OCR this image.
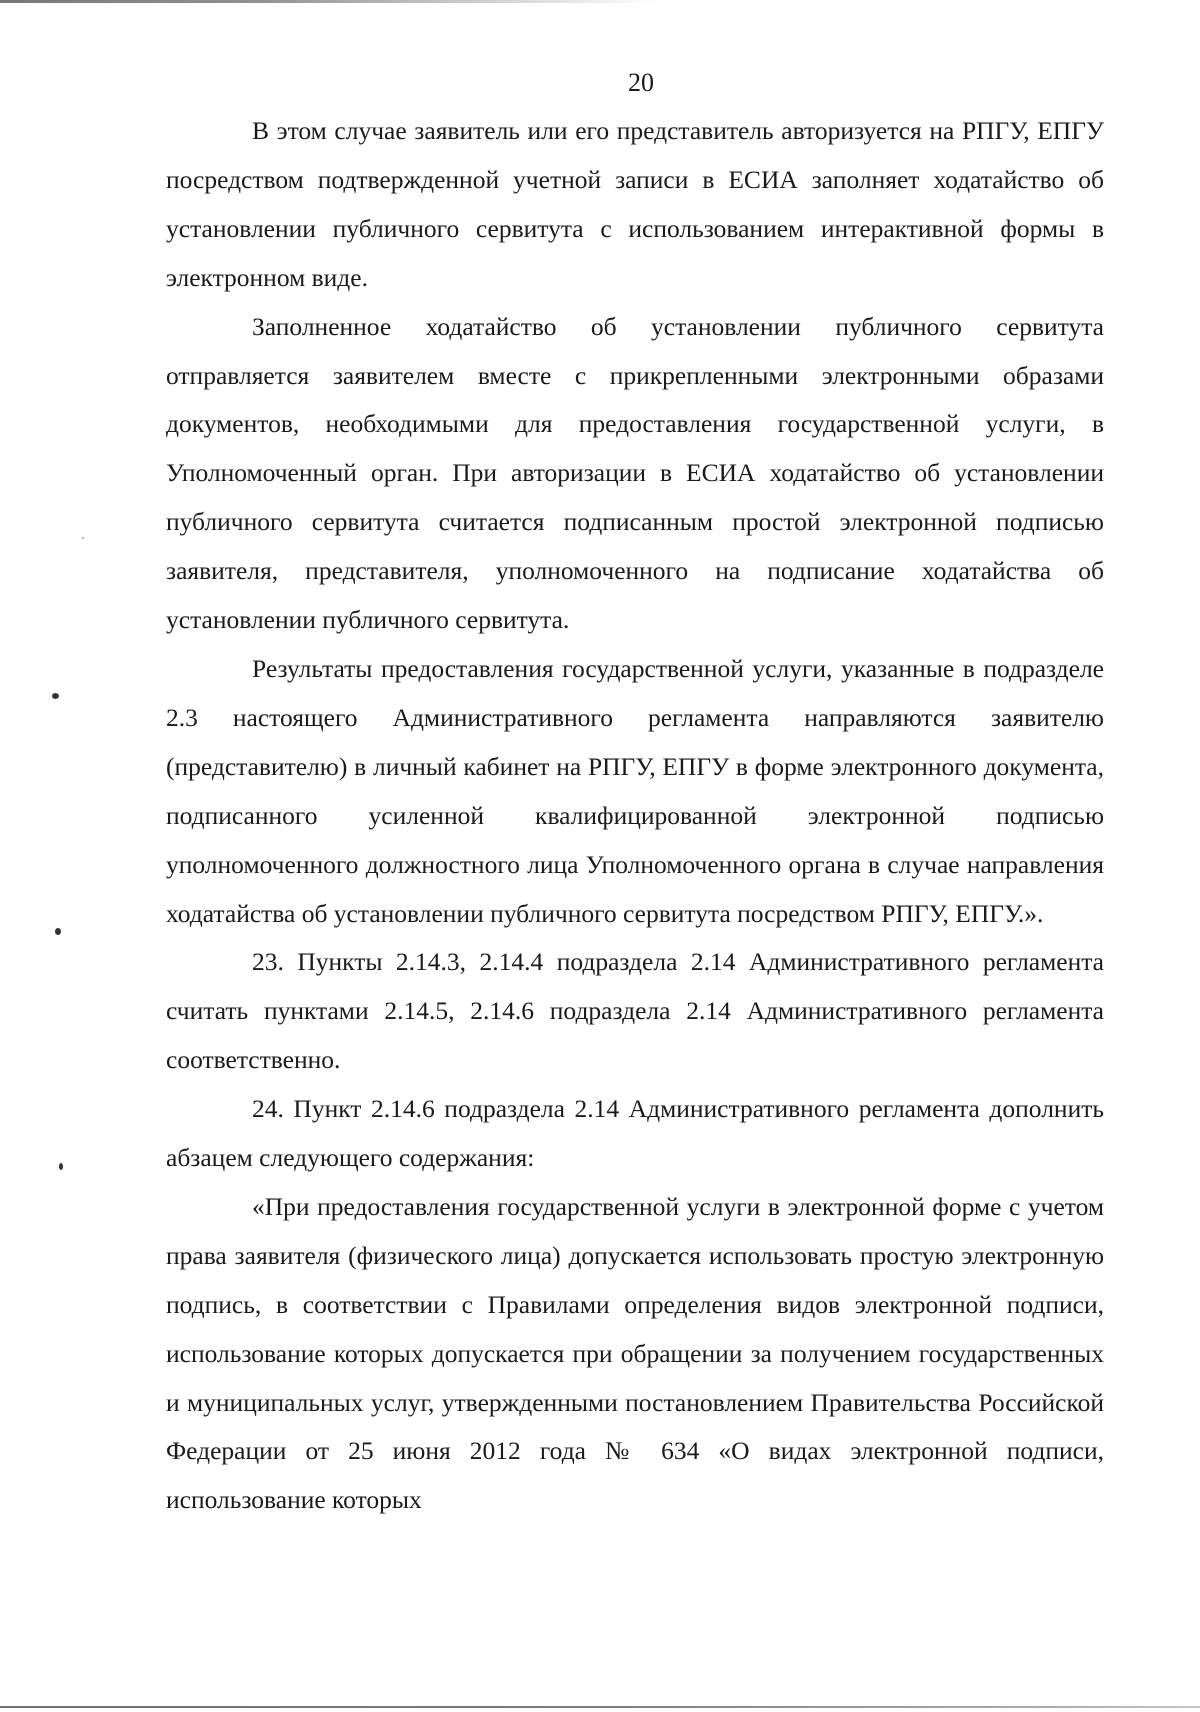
20

В этом случае заявитель или его представитель авторизуется на РПГУ, ЕПГУ посредством подтвержденной учетной записи в ЕСИА заполняет ходатайство об установлении публичного сервитута с использованием интерактивной формы в электронном виде.

Заполненное ходатайство об установлении публичного сервитута отправляется заявителем вместе с прикрепленными электронными образами документов, необходимыми для предоставления государственной услуги, в Уполномоченный орган. При авторизации в ЕСИА ходатайство об установлении публичного сервитута считается подписанным простой электронной подписью заявителя, представителя, уполномоченного на подписание ходатайства об установлении публичного сервитута.

Результаты предоставления государственной услуги, указанные в подразделе 2.3 настоящего Административного регламента направляются заявителю (представителю) в личный кабинет на РПГУ, ЕПГУ в форме электронного документа, подписанного усиленной квалифицированной электронной подписью уполномоченного должностного лица Уполномоченного органа в случае направления ходатайства об установлении публичного сервитута посредством РПГУ, ЕПГУ.».

23. Пункты 2.14.3, 2.14.4 подраздела 2.14 Административного регламента считать пунктами 2.14.5, 2.14.6 подраздела 2.14 Административного регламента соответственно.

24. Пункт 2.14.6 подраздела 2.14 Административного регламента дополнить абзацем следующего содержания:

«При предоставления государственной услуги в электронной форме с учетом права заявителя (физического лица) допускается использовать простую электронную подпись, в соответствии с Правилами определения видов электронной подписи, использование которых допускается при обращении за получением государственных и муниципальных услуг, утвержденными постановлением Правительства Российской Федерации от 25 июня 2012 года № 634 «О видах электронной подписи, использование которых
